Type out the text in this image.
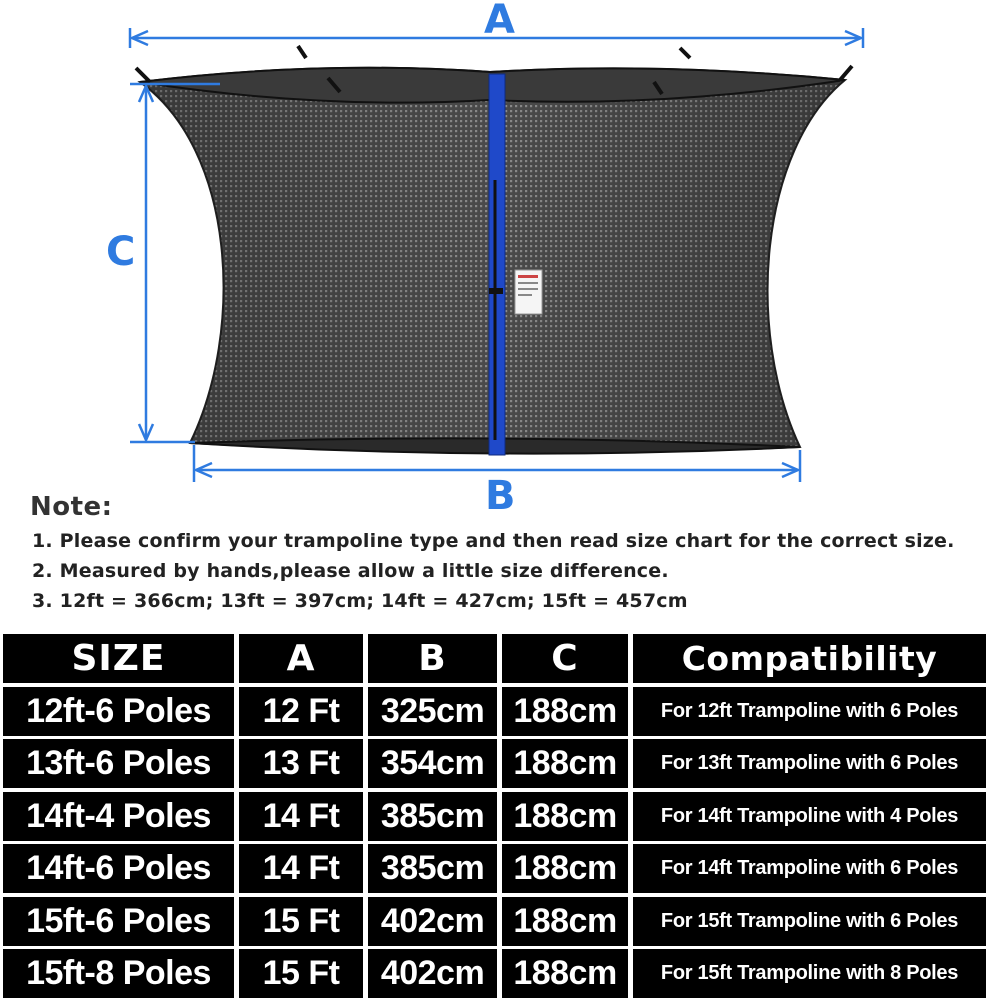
A
C
B
Note:
1. Please confirm your trampoline type and then read size chart for the correct size.
2. Measured by hands,please allow a little size difference.
3. 12ft = 366cm; 13ft = 397cm; 14ft = 427cm; 15ft = 457cm
SIZE	A	B	C	Compatibility
12ft-6 Poles	12 Ft	325cm 188cm	For 12ft Trampoline with 6 Poles
13ft-6 Poles	13 Ft	354cm 188cm	For 13ft Trampoline with 6 Poles
14ft-4 Poles	14 Ft	385cm 188cm	For 14ft Trampoline with 4 Poles
14ft-6 Poles	14 Ft	385cm 188cm	For 14ft Trampoline with 6 Poles
15ft-6 Poles	15 Ft	402cm 188cm	For 15ft Trampoline with 6 Poles
15ft-8 Poles	15 Ft	402cm 188cm	For 15ft Trampoline with 8 Poles
